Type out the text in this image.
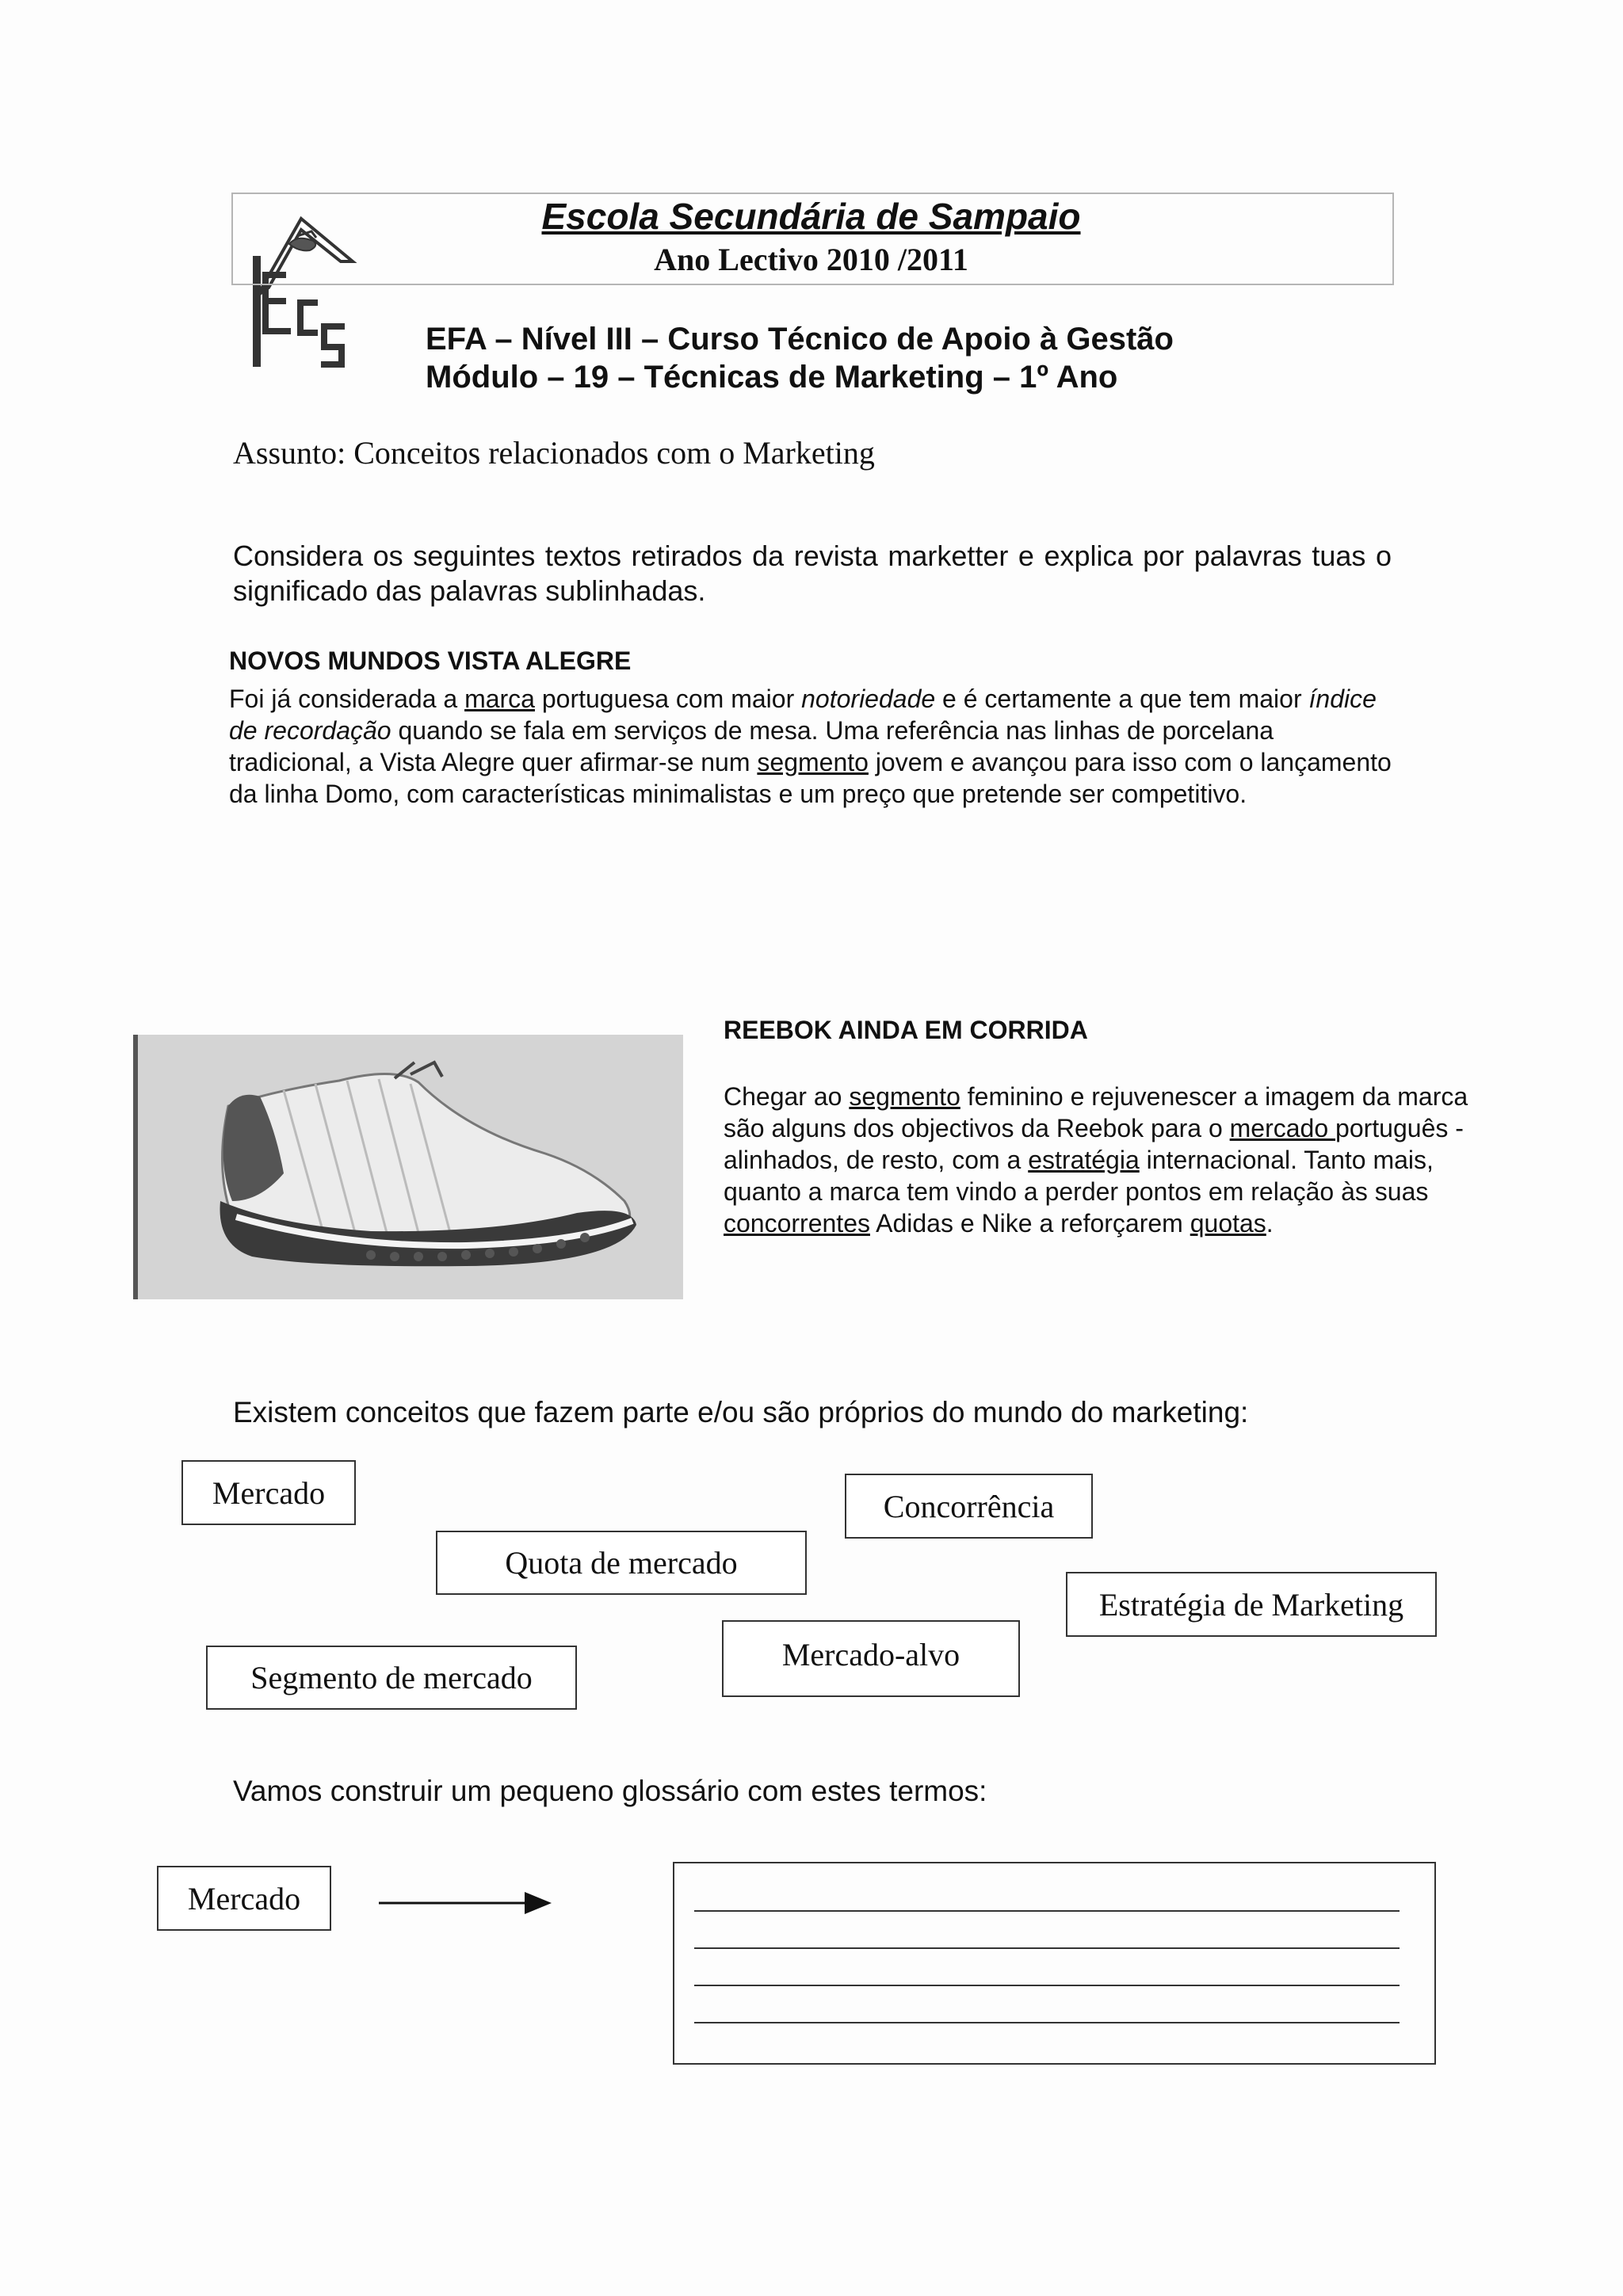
Escola Secundária de Sampaio
Ano Lectivo 2010 /2011
EFA – Nível III – Curso Técnico de Apoio à Gestão
Módulo – 19 – Técnicas de Marketing – 1º Ano
Assunto: Conceitos relacionados com o Marketing
Considera os seguintes textos retirados da revista marketter e explica por palavras tuas o significado das palavras sublinhadas.
NOVOS MUNDOS VISTA ALEGRE
Foi já considerada a marca portuguesa com maior notoriedade e é certamente a que tem maior índice de recordação quando se fala em serviços de mesa. Uma referência nas linhas de porcelana tradicional, a Vista Alegre quer afirmar-se num segmento jovem e avançou para isso com o lançamento da linha Domo, com características minimalistas e um preço que pretende ser competitivo.
REEBOK AINDA EM CORRIDA
Chegar ao segmento feminino e rejuvenescer a imagem da marca são alguns dos objectivos da Reebok para o mercado português - alinhados, de resto, com a estratégia internacional. Tanto mais, quanto a marca tem vindo a perder pontos em relação às suas concorrentes Adidas e Nike a reforçarem quotas.
Existem conceitos que fazem parte e/ou são próprios do mundo do marketing:
Mercado	Concorrência
Quota de mercado
Estratégia de Marketing
Mercado-alvo
Segmento de mercado
Vamos construir um pequeno glossário com estes termos:
Mercado
